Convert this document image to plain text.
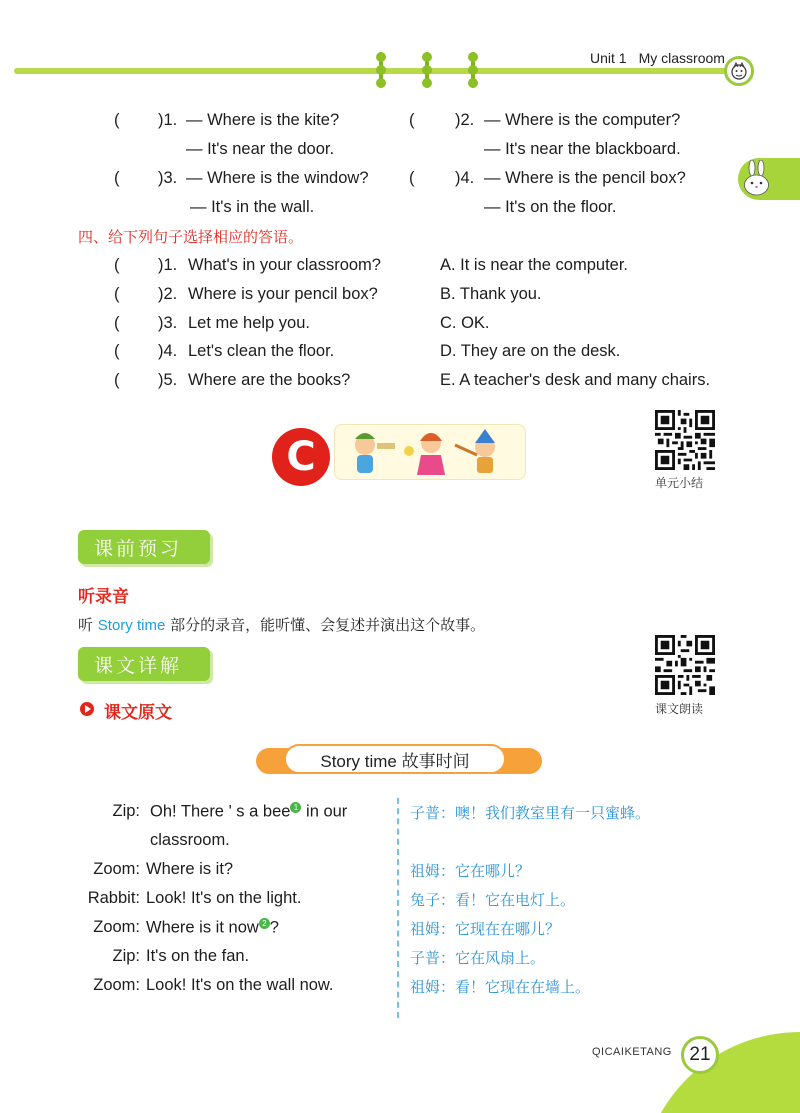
Unit 1 My classroom
( )1. — Where is the kite?
— It's near the door.
( )2. — Where is the computer?
— It's near the blackboard.
( )3. — Where is the window?
— It's in the wall.
( )4. — Where is the pencil box?
— It's on the floor.
四、给下列句子选择相应的答语。
( )1. What's in your classroom?	A. It is near the computer.
( )2. Where is your pencil box?	B. Thank you.
( )3. Let me help you.	C. OK.
( )4. Let's clean the floor.	D. They are on the desk.
( )5. Where are the books?	E. A teacher's desk and many chairs.
C
单元小结
课前预习
听录音
听 Story time 部分的录音，能听懂、会复述并演出这个故事。
课文详解
课文原文	课文朗读
Story time 故事时间
Zip: Oh! There ' s a bee 1 in our	子普：噢！我们教室里有一只蜜蜂。
classroom.
Zoom: Where is it?	祖姆：它在哪儿？
Rabbit: Look! It's on the light.	兔子：看！它在电灯上。
Zoom: Where is it now 2 ?	祖姆：它现在在哪儿？
Zip: It's on the fan.	子普：它在风扇上。
Zoom: Look! It's on the wall now.	祖姆：看！它现在在墙上。
QICAIKETANG 21
